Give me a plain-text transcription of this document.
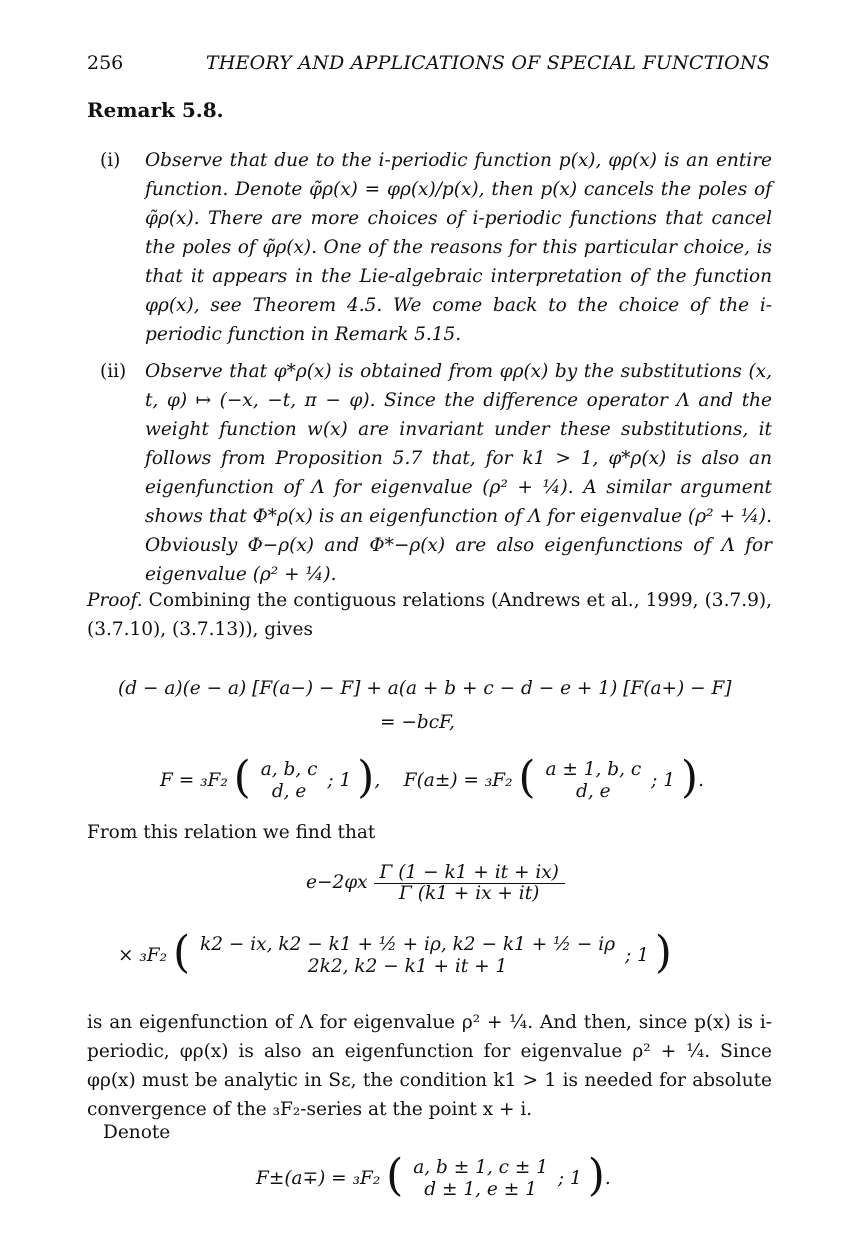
256	THEORY AND APPLICATIONS OF SPECIAL FUNCTIONS
Remark 5.8.
(i) Observe that due to the i-periodic function p(x), φρ(x) is an entire function. Denote φ̃ρ(x) = φρ(x)/p(x), then p(x) cancels the poles of φ̃ρ(x). There are more choices of i-periodic functions that cancel the poles of φ̃ρ(x). One of the reasons for this particular choice, is that it appears in the Lie-algebraic interpretation of the function φρ(x), see Theorem 4.5. We come back to the choice of the i-periodic function in Remark 5.15.
(ii) Observe that φ*ρ(x) is obtained from φρ(x) by the substitutions (x, t, φ) ↦ (−x, −t, π − φ). Since the difference operator Λ and the weight function w(x) are invariant under these substitutions, it follows from Proposition 5.7 that, for k1 > 1, φ*ρ(x) is also an eigenfunction of Λ for eigenvalue (ρ² + ¼). A similar argument shows that Φ*ρ(x) is an eigenfunction of Λ for eigenvalue (ρ² + ¼). Obviously Φ−ρ(x) and Φ*−ρ(x) are also eigenfunctions of Λ for eigenvalue (ρ² + ¼).
Proof. Combining the contiguous relations (Andrews et al., 1999, (3.7.9), (3.7.10), (3.7.13)), gives
(d − a)(e − a) [F(a−) − F] + a(a + b + c − d − e + 1) [F(a+) − F]
= −bcF,
F = ₃F₂ ( a, b, c
d, e ; 1 ),    F(a±) = ₃F₂ ( a ± 1, b, c
d, e ; 1 ).
From this relation we find that
$e-2\varphi x \frac{\Gamma (1 - k1 + it + ix)}{\Gamma (k1 + ix + it)}$
× ₃F₂ ( k2 − ix, k2 − k1 + ½ + iρ, k2 − k1 + ½ − iρ
2k2, k2 − k1 + it + 1 ; 1 )
is an eigenfunction of Λ for eigenvalue ρ² + ¼. And then, since p(x) is i-periodic, φρ(x) is also an eigenfunction for eigenvalue ρ² + ¼. Since φρ(x) must be analytic in Sε, the condition k1 > 1 is needed for absolute convergence of the ₃F₂-series at the point x + i.
Denote
F±(a∓) = ₃F₂ ( a, b ± 1, c ± 1
d ± 1, e ± 1 ; 1 ).
